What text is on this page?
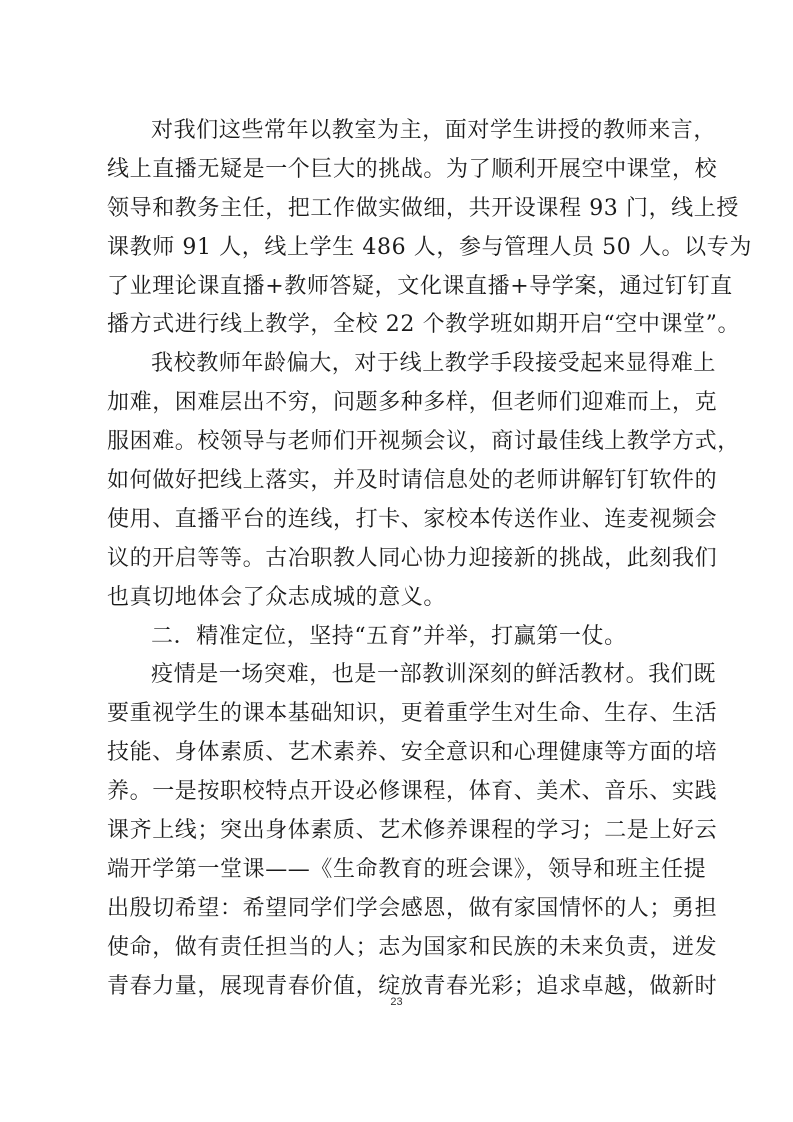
对我们这些常年以教室为主，面对学生讲授的教师来言，
线上直播无疑是一个巨大的挑战。为了顺利开展空中课堂，校
领导和教务主任，把工作做实做细，共开设课程 93 门，线上授
课教师 91 人，线上学生 486 人，参与管理人员 50 人。以专为
了业理论课直播+教师答疑，文化课直播+导学案，通过钉钉直
播方式进行线上教学，全校 22 个教学班如期开启“空中课堂”。
我校教师年龄偏大，对于线上教学手段接受起来显得难上
加难，困难层出不穷，问题多种多样，但老师们迎难而上，克
服困难。校领导与老师们开视频会议，商讨最佳线上教学方式，
如何做好把线上落实，并及时请信息处的老师讲解钉钉软件的
使用、直播平台的连线，打卡、家校本传送作业、连麦视频会
议的开启等等。古冶职教人同心协力迎接新的挑战，此刻我们
也真切地体会了众志成城的意义。
二．精准定位，坚持“五育”并举，打赢第一仗。
疫情是一场突难，也是一部教训深刻的鲜活教材。我们既
要重视学生的课本基础知识，更着重学生对生命、生存、生活
技能、身体素质、艺术素养、安全意识和心理健康等方面的培
养。一是按职校特点开设必修课程，体育、美术、音乐、实践
课齐上线；突出身体素质、艺术修养课程的学习；二是上好云
端开学第一堂课——《生命教育的班会课》，领导和班主任提
出殷切希望：希望同学们学会感恩，做有家国情怀的人；勇担
使命，做有责任担当的人；志为国家和民族的未来负责，迸发
青春力量，展现青春价值，绽放青春光彩；追求卓越，做新时
23
